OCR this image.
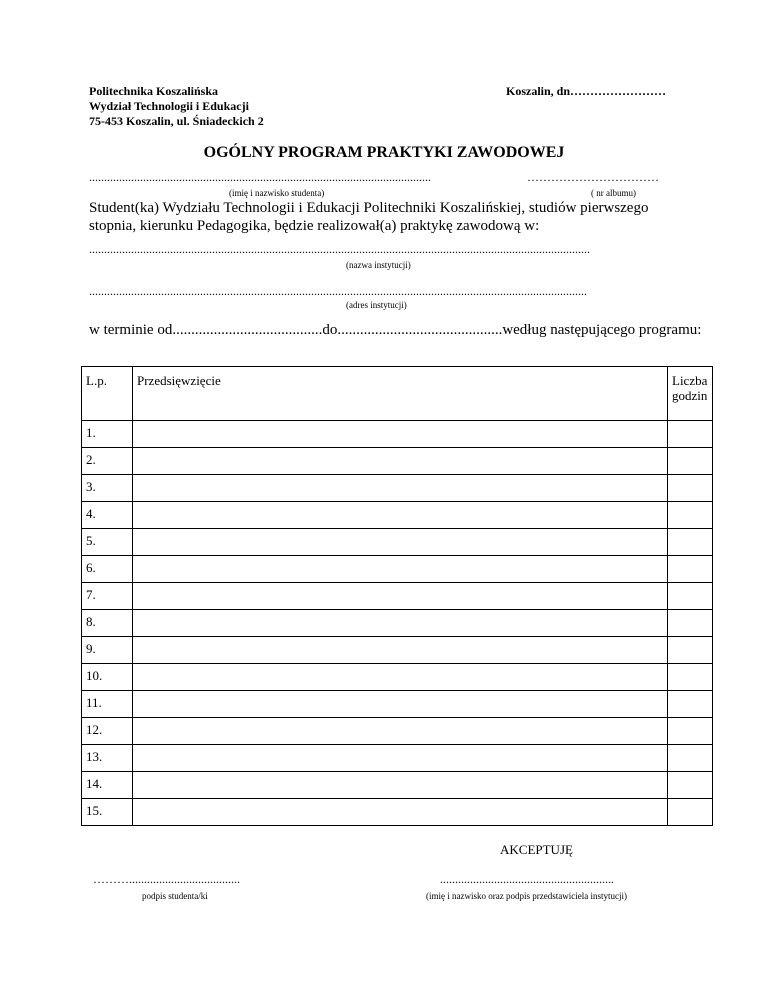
Politechnika Koszalińska
Wydział Technologii i Edukacji
75-453 Koszalin, ul. Śniadeckich 2
Koszalin, dn……………………
OGÓLNY PROGRAM PRAKTYKI ZAWODOWEJ
..................................................................................................................	……………………………
(imię i nazwisko studenta)	( nr albumu)
Student(ka) Wydziału Technologii i Edukacji Politechniki Koszalińskiej, studiów pierwszego stopnia, kierunku Pedagogika, będzie realizował(a) praktykę zawodową w:
.......................................................................................................................................................................
(nazwa instytucji)
......................................................................................................................................................................
(adres instytucji)
w terminie od........................................do............................................według następującego programu:
L.p.	Przedsięwzięcie	Liczba
godzin
1.		
2.		
3.		
4.		
5.		
6.		
7.		
8.		
9.		
10.		
11.		
12.		
13.		
14.		
15.		
AKCEPTUJĘ
……….....................................
podpis studenta/ki
..........................................................
(imię i nazwisko oraz podpis przedstawiciela instytucji)
